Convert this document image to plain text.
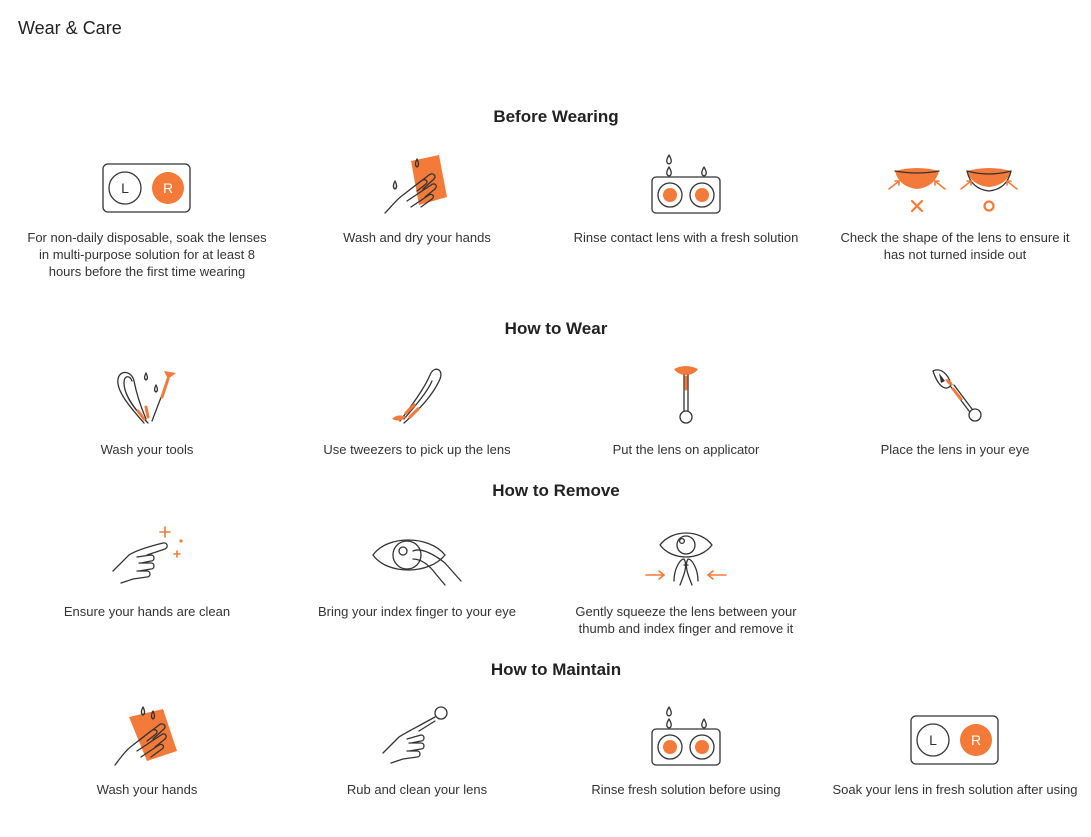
Wear & Care
Before Wearing
L R
For non-daily disposable, soak the lenses in multi-purpose solution for at least 8 hours before the first time wearing
Wash and dry your hands	Rinse contact lens with a fresh solution	Check the shape of the lens to ensure it has not turned inside out
How to Wear
Wash your tools	Use tweezers to pick up the lens	Put the lens on applicator	Place the lens in your eye
How to Remove
Ensure your hands are clean	Bring your index finger to your eye	Gently squeeze the lens between your thumb and index finger and remove it
How to Maintain
Wash your hands	Rub and clean your lens	Rinse fresh solution before using
L R
Soak your lens in fresh solution after using
